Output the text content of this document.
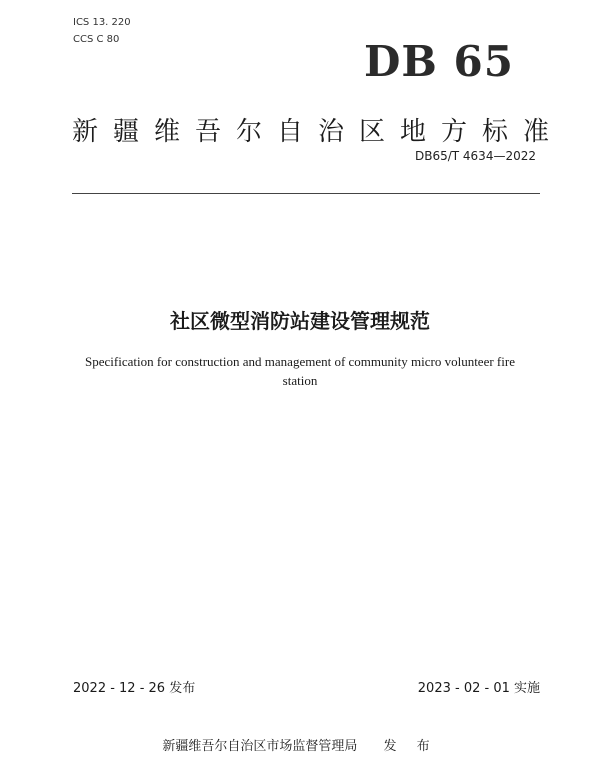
ICS 13. 220
CCS C 80	DB 65
新疆维吾尔自治区地方标准
DB65/T 4634—2022
社区微型消防站建设管理规范
Specification for construction and management of community micro volunteer fire station
2022 - 12 - 26 发布	2023 - 02 - 01 实施
新疆维吾尔自治区市场监督管理局 发 布
